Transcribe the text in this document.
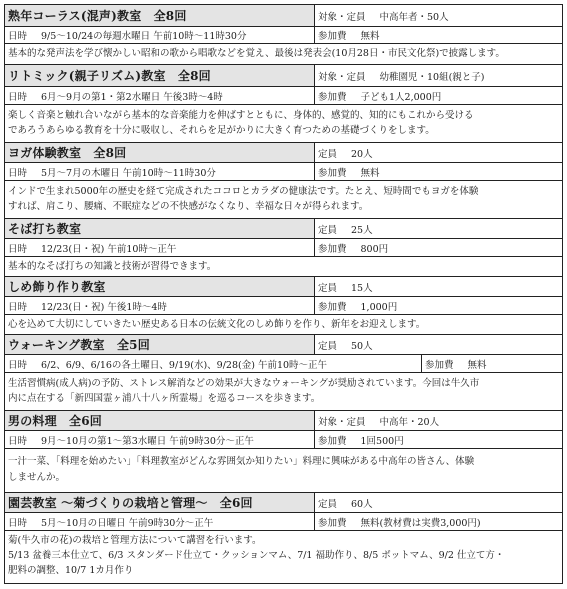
熟年コーラス(混声)教室　全8回	対象・定員 中高年者・50人
日時 9/5～10/24の毎週水曜日 午前10時～11時30分	参加費 無料
基本的な発声法を学び懐かしい昭和の歌から唱歌などを覚え、最後は発表会(10月28日・市民文化祭)で披露します。
リトミック(親子リズム)教室　全8回	対象・定員 幼稚園児・10組(親と子)
日時 6月～9月の第1・第2水曜日 午後3時～4時	参加費 子ども1人2,000円
楽しく音楽と触れ合いながら基本的な音楽能力を伸ばすとともに、身体的、感覚的、知的にもこれから受ける
であろうあらゆる教育を十分に吸収し、それらを足がかりに大きく育つための基礎づくりをします。
ヨガ体験教室　全8回	定員 20人
日時 5月～7月の木曜日 午前10時～11時30分	参加費 無料
インドで生まれ5000年の歴史を経て完成されたココロとカラダの健康法です。たとえ、短時間でもヨガを体験
すれば、肩こり、腰痛、不眠症などの不快感がなくなり、幸福な日々が得られます。
そば打ち教室	定員 25人
日時 12/23(日・祝) 午前10時～正午	参加費 800円
基本的なそば打ちの知識と技術が習得できます。
しめ飾り作り教室	定員 15人
日時 12/23(日・祝) 午後1時～4時	参加費 1,000円
心を込めて大切にしていきたい歴史ある日本の伝統文化のしめ飾りを作り、新年をお迎えします。
ウォーキング教室　全5回	定員 50人
日時 6/2、6/9、6/16の各土曜日、9/19(水)、9/28(金) 午前10時～正午	参加費 無料
生活習慣病(成人病)の予防、ストレス解消などの効果が大きなウォーキングが奨励されています。今回は牛久市
内に点在する「新四国霊ヶ浦八十八ヶ所霊場」を巡るコースを歩きます。
男の料理　全6回	対象・定員 中高年・20人
日時 9月～10月の第1～第3水曜日 午前9時30分～正午	参加費 1回500円
一汁一菜、「料理を始めたい」「料理教室がどんな雰囲気か知りたい」料理に興味がある中高年の皆さん、体験
しませんか。
園芸教室 ～菊づくりの栽培と管理～　全6回	定員 60人
日時 5月～10月の日曜日 午前9時30分～正午	参加費 無料(教材費は実費3,000円)
菊(牛久市の花)の栽培と管理方法について講習を行います。
5/13 盆養三本仕立て、6/3 スタンダード仕立て・クッションマム、7/1 福助作り、8/5 ボットマム、9/2 仕立て方・
肥料の調整、10/7 1カ月作り
